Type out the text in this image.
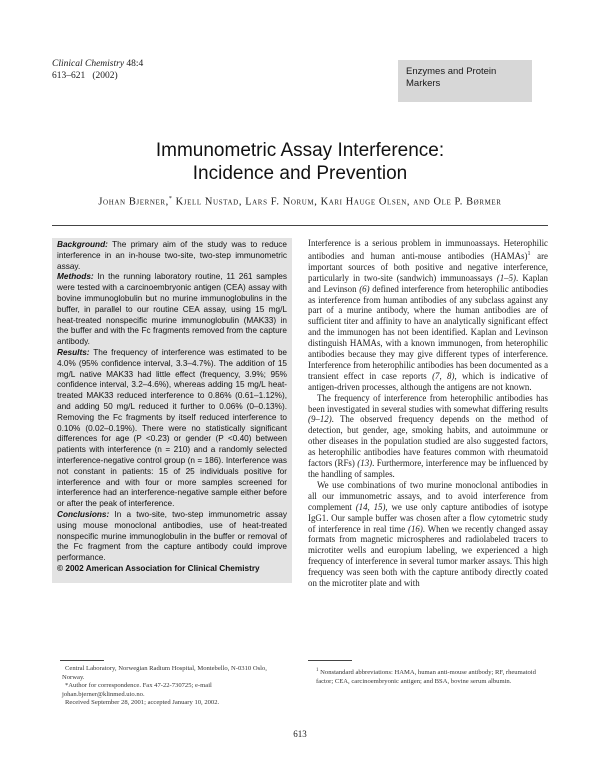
Clinical Chemistry 48:4
613–621 (2002)	Enzymes and Protein
Markers
Immunometric Assay Interference:
Incidence and Prevention
Johan Bjerner,* Kjell Nustad, Lars F. Norum, Kari Hauge Olsen, and Ole P. Børmer

Background: The primary aim of the study was to reduce interference in an in-house two-site, two-step immunometric assay.

Methods: In the running laboratory routine, 11 261 samples were tested with a carcinoembryonic antigen (CEA) assay with bovine immunoglobulin but no murine immunoglobulins in the buffer, in parallel to our routine CEA assay, using 15 mg/L heat-treated nonspecific murine immunoglobulin (MAK33) in the buffer and with the Fc fragments removed from the capture antibody.

Results: The frequency of interference was estimated to be 4.0% (95% confidence interval, 3.3–4.7%). The addition of 15 mg/L native MAK33 had little effect (frequency, 3.9%; 95% confidence interval, 3.2–4.6%), whereas adding 15 mg/L heat-treated MAK33 reduced interference to 0.86% (0.61–1.12%), and adding 50 mg/L reduced it further to 0.06% (0–0.13%). Removing the Fc fragments by itself reduced interference to 0.10% (0.02–0.19%). There were no statistically significant differences for age (P <0.23) or gender (P <0.40) between patients with interference (n = 210) and a randomly selected interference-negative control group (n = 186). Interference was not constant in patients: 15 of 25 individuals positive for interference and with four or more samples screened for interference had an interference-negative sample either before or after the peak of interference.

Conclusions: In a two-site, two-step immunometric assay using mouse monoclonal antibodies, use of heat-treated nonspecific murine immunoglobulin in the buffer or removal of the Fc fragment from the capture antibody could improve performance.

© 2002 American Association for Clinical Chemistry

Interference is a serious problem in immunoassays. Heterophilic antibodies and human anti-mouse antibodies (HAMAs)$^1$ are important sources of both positive and negative interference, particularly in two-site (sandwich) immunoassays (1–5). Kaplan and Levinson (6) defined interference from heterophilic antibodies as interference from human antibodies of any subclass against any part of a murine antibody, where the human antibodies are of sufficient titer and affinity to have an analytically significant effect and the immunogen has not been identified. Kaplan and Levinson distinguish HAMAs, with a known immunogen, from heterophilic antibodies because they may give different types of interference. Interference from heterophilic antibodies has been documented as a transient effect in case reports (7, 8), which is indicative of antigen-driven processes, although the antigens are not known.

The frequency of interference from heterophilic antibodies has been investigated in several studies with somewhat differing results (9–12). The observed frequency depends on the method of detection, but gender, age, smoking habits, and autoimmune or other diseases in the population studied are also suggested factors, as heterophilic antibodies have features common with rheumatoid factors (RFs) (13). Furthermore, interference may be influenced by the handling of samples.

We use combinations of two murine monoclonal antibodies in all our immunometric assays, and to avoid interference from complement (14, 15), we use only capture antibodies of isotype IgG1. Our sample buffer was chosen after a flow cytometric study of interference in real time (16). When we recently changed assay formats from magnetic microspheres and radiolabeled tracers to microtiter wells and europium labeling, we experienced a high frequency of interference in several tumor marker assays. This high frequency was seen both with the capture antibody directly coated on the microtiter plate and with

Central Laboratory, Norwegian Radium Hospital, Montebello, N-0310 Oslo, Norway.

*Author for correspondence. Fax 47-22-730725; e-mail johan.bjerner@klinmed.uio.no.

Received September 28, 2001; accepted January 10, 2002.

$^1$ Nonstandard abbreviations: HAMA, human anti-mouse antibody; RF, rheumatoid factor; CEA, carcinoembryonic antigen; and BSA, bovine serum albumin.
613
